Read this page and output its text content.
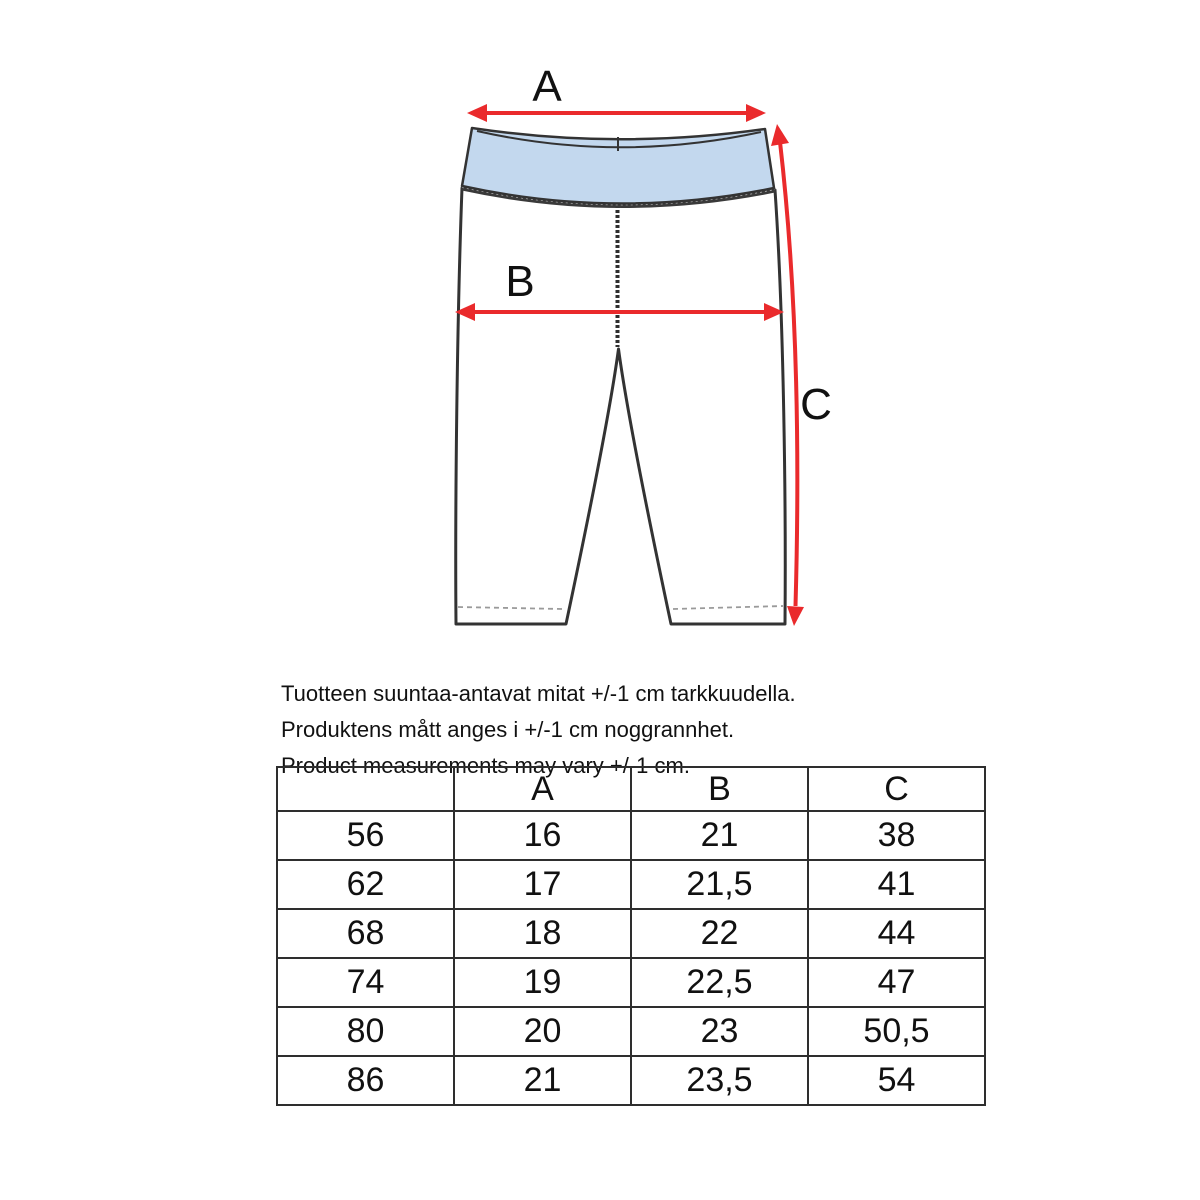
A
B
C

Tuotteen suuntaa-antavat mitat +/-1 cm tarkkuudella.

Produktens mått anges i +/-1 cm noggrannhet.

Product measurements may vary +/-1 cm.

	A	B	C
56	16	21	38
62	17	21,5	41
68	18	22	44
74	19	22,5	47
80	20	23	50,5
86	21	23,5	54
